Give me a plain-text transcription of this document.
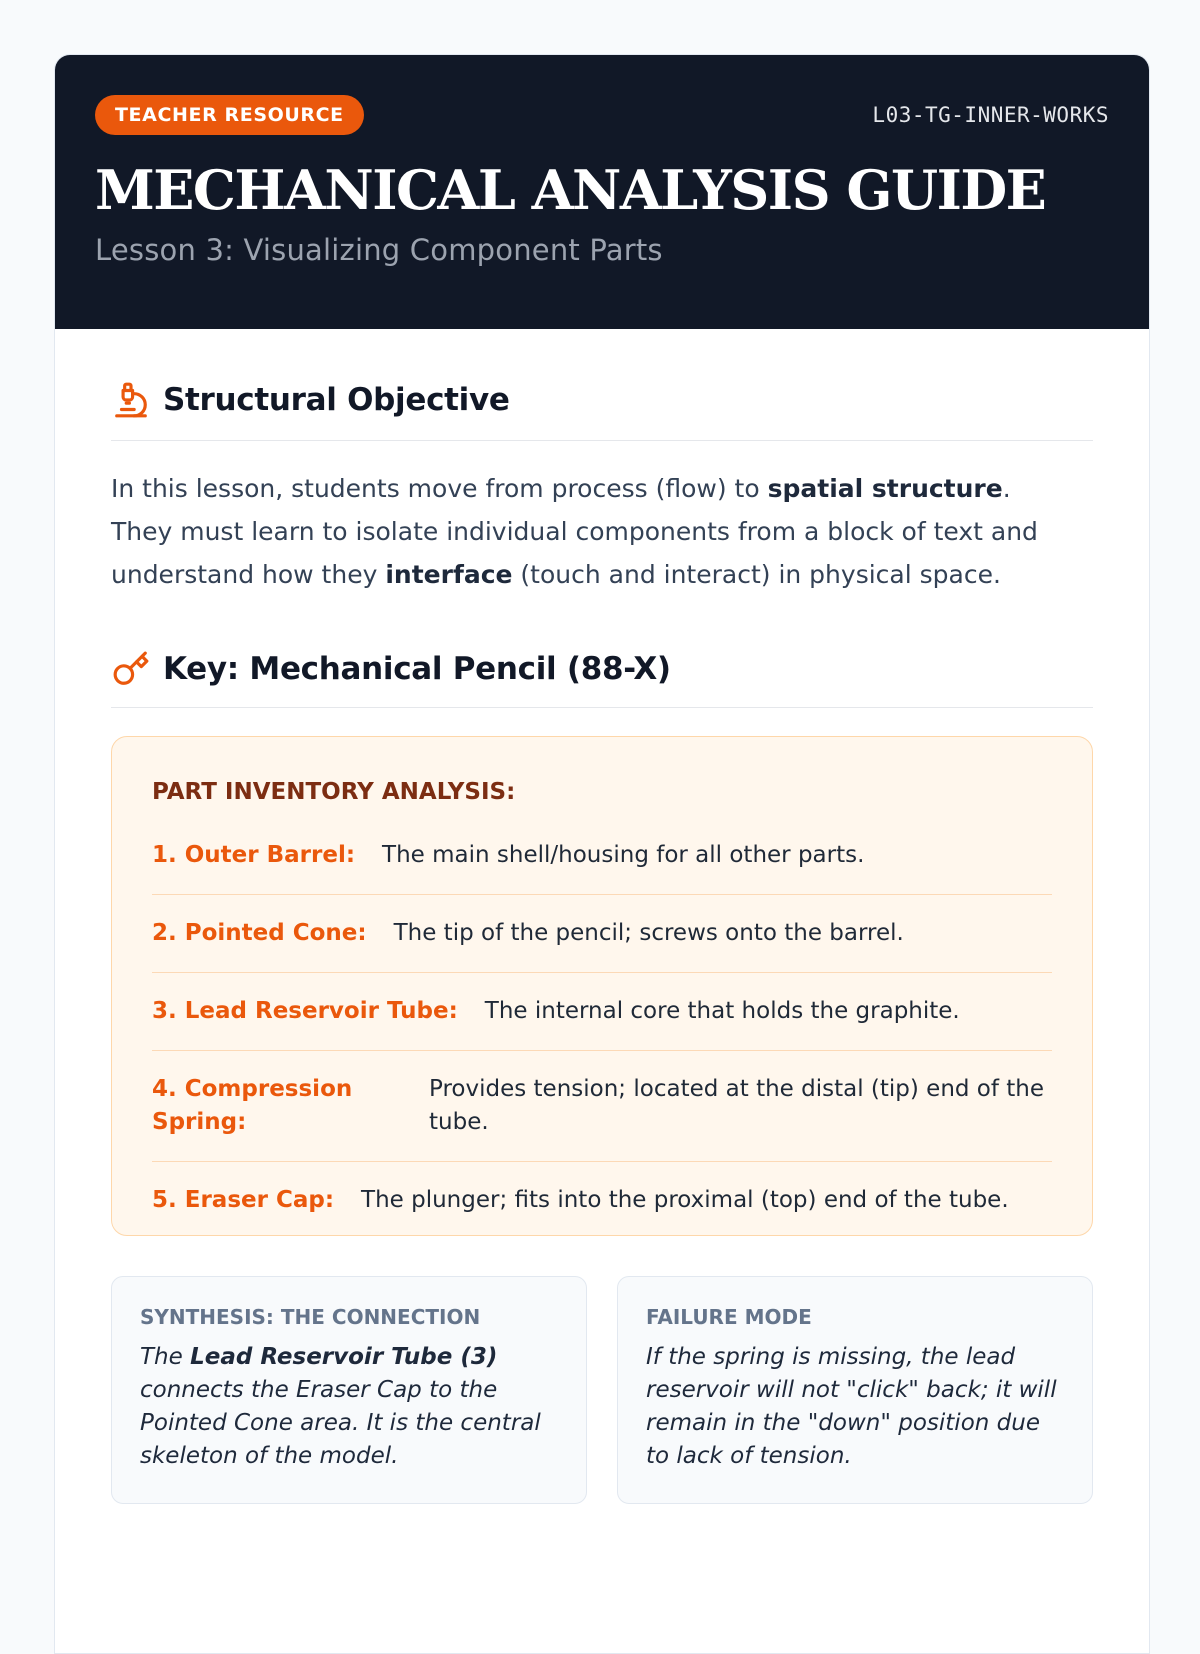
TEACHER RESOURCE	L03-TG-INNER-WORKS
MECHANICAL ANALYSIS GUIDE
Lesson 3: Visualizing Component Parts
Structural Objective

In this lesson, students move from process (flow) to spatial structure. They must learn to isolate individual components from a block of text and understand how they interface (touch and interact) in physical space.

Key: Mechanical Pencil (88-X)
PART INVENTORY ANALYSIS:
1. Outer Barrel: The main shell/housing for all other parts.
2. Pointed Cone: The tip of the pencil; screws onto the barrel.
3. Lead Reservoir Tube: The internal core that holds the graphite.
4. Compression Spring:
Provides tension; located at the distal (tip) end of the tube.
5. Eraser Cap: The plunger; fits into the proximal (top) end of the tube.
SYNTHESIS: THE CONNECTION

The Lead Reservoir Tube (3) connects the Eraser Cap to the Pointed Cone area. It is the central skeleton of the model.

FAILURE MODE

If the spring is missing, the lead reservoir will not "click" back; it will remain in the "down" position due to lack of tension.
